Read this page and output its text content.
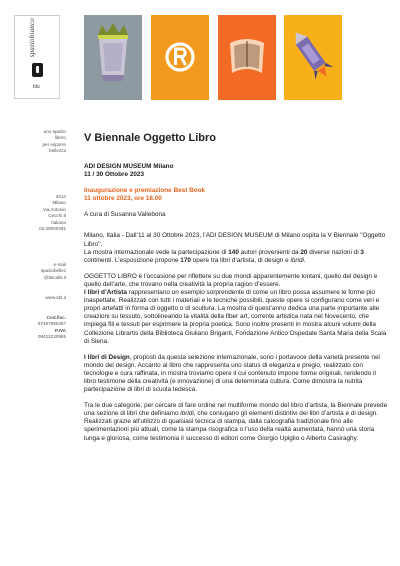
spaziobianco
blu
uno spazio
libero
per esporre
bellezza
2014
Milano
Via Antonio
Cecchi 8
Italiana
02.48000291
e-mail
spaziobellez
@tiscalis.it
www.sbt.it
Cod.fisc.
97487990257
P.IVA
08422230965
V Biennale Oggetto Libro

ADI DESIGN MUSEUM Milano

11 / 30 Ottobre 2023

Inaugurazione e premiazione Best Book

11 ottobre 2023, ore 18.00

A cura di Susanna Vallebona

Milano, Italia - Dall’11 al 30 Ottobre 2023, l’ADI DESIGN MUSEUM di Milano ospita la V Biennale "Oggetto Libro".
La mostra internazionale vede la partecipazione di 140 autori provenienti da 20 diverse nazioni di 3 continenti. L’esposizione propone 170 opere tra libri d’artista, di design e ibridi.

OGGETTO LIBRO è l’occasione per riflettere su due mondi apparentemente lontani, quello del design e quello dell’arte, che trovano nella creatività la propria ragion d’essere.
I libri d’Artista rappresentano un esempio sorprendente di come un libro possa assumere le forme più inaspettate. Realizzati con tutti i materiali e le tecniche possibili, queste opere si configurano come veri e propri artefatti in forma di oggetto o di scultura. La mostra di quest’anno dedica una parte importante alle creazioni su tessuto, sottolineando la vitalità della fiber art, corrente artistica nata nel Novecento, che impiega fili e tessuti per esprimere la propria poetica. Sono inoltre presenti in mostra alcuni volumi della Collezione Librartis della Biblioteca Giuliano Briganti, Fondazione Antico Ospedale Santa Maria della Scala di Siena.

I libri di Design, proposti da questa selezione internazionale, sono i portavoce della varietà presente nel mondo del design. Accanto al libro che rappresenta uno status di eleganza e pregio, realizzato con tecnologie e cura raffinata, in mostra troviamo opere il cui contenuto impone forme originali, rendendo il libro testimone della creatività (e innovazione) di una determinata cultura. Come dimostra la nutrita partecipazione di libri di scuola tedesca.

Tra le due categorie, per cercare di fare ordine nel multiforme mondo del libro d’artista, la Biennale prevede una sezione di libri che definiamo ibridi, che coniugano gli elementi distintivi dei libri d’artista e di design. Realizzati grazie all’utilizzo di qualsiasi tecnica di stampa, dalla calcografia tradizionale fino alle sperimentazioni più attuali, come la stampa risografica o l’uso della realtà aumentata, hanno una storia lunga e gloriosa, come testimonia il successo di editori come Giorgio Upiglio o Alberto Casiraghy.
